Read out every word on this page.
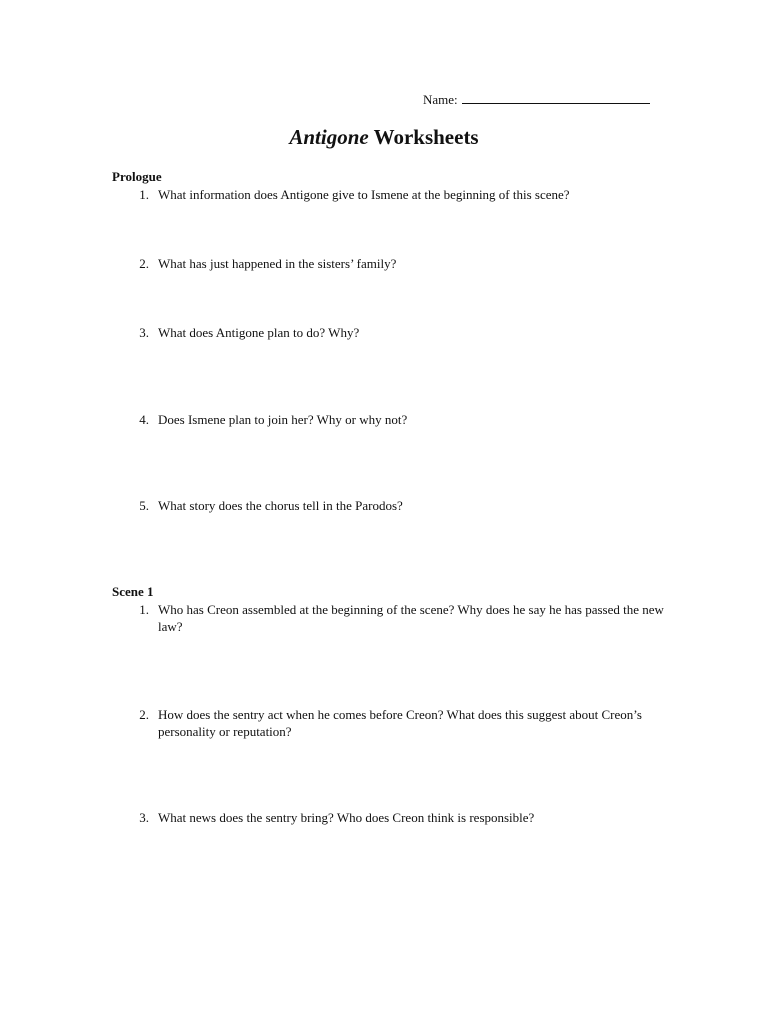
Name:
Antigone Worksheets
Prologue
1. What information does Antigone give to Ismene at the beginning of this scene?
2. What has just happened in the sisters’ family?
3. What does Antigone plan to do? Why?
4. Does Ismene plan to join her? Why or why not?
5. What story does the chorus tell in the Parodos?
Scene 1
1. Who has Creon assembled at the beginning of the scene? Why does he say he has passed the new law?
2. How does the sentry act when he comes before Creon? What does this suggest about Creon’s personality or reputation?
3. What news does the sentry bring? Who does Creon think is responsible?
